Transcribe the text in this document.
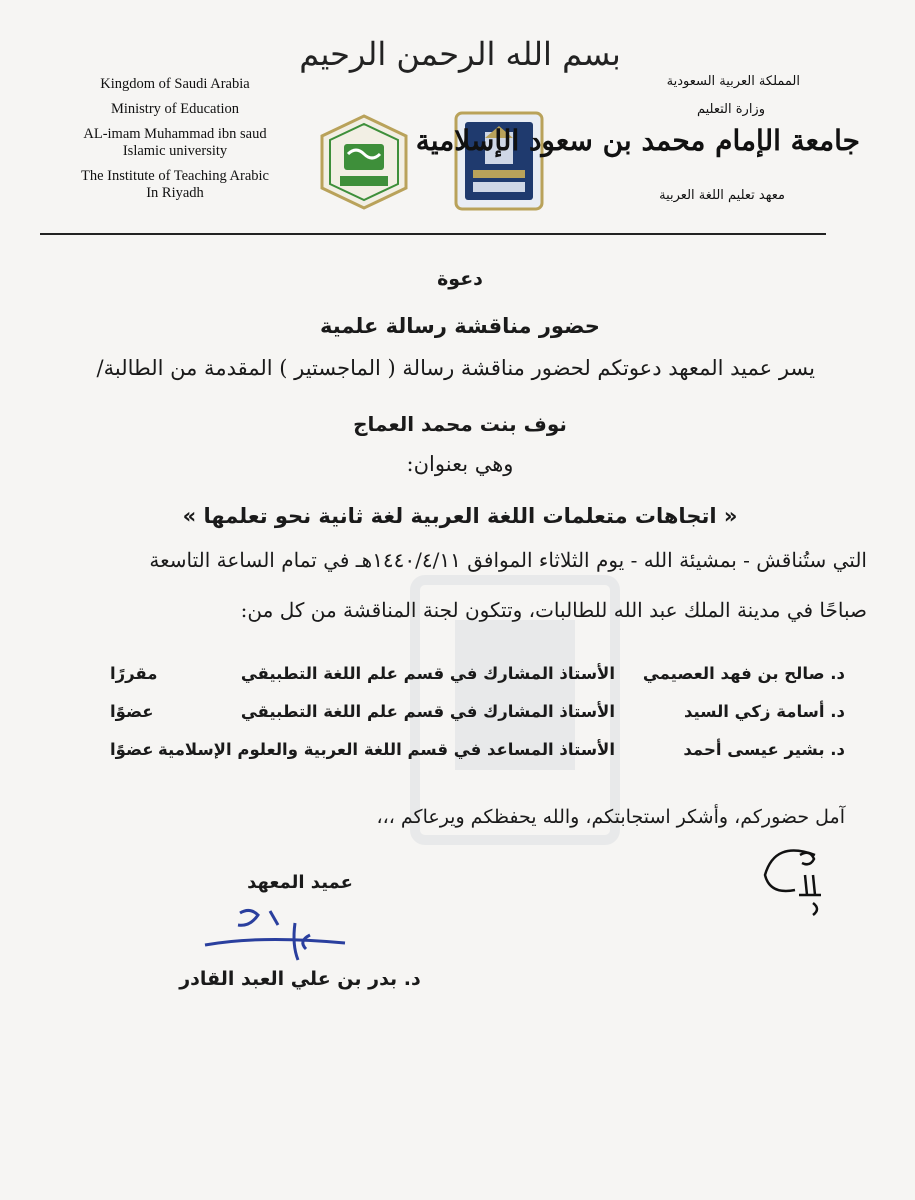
بسم الله الرحمن الرحيم
Kingdom of Saudi Arabia
Ministry of Education
AL-imam Muhammad ibn saud
Islamic university
The Institute of Teaching Arabic
In Riyadh
المملكة العربية السعودية
وزارة التعليم
جامعة الإمام محمد بن سعود الإسلامية
معهد تعليم اللغة العربية
دعوة
حضور مناقشة رسالة علمية
يسر عميد المعهد دعوتكم لحضور مناقشة رسالة ( الماجستير ) المقدمة من الطالبة/
نوف بنت محمد العماج
وهي بعنوان:
« اتجاهات متعلمات اللغة العربية لغة ثانية نحو تعلمها »
التي ستُناقش - بمشيئة الله - يوم الثلاثاء الموافق ١٤٤٠/٤/١١هـ في تمام الساعة التاسعة
صباحًا في مدينة الملك عبد الله للطالبات، وتتكون لجنة المناقشة من كل من:
د. صالح بن فهد العصيمي
الأستاذ المشارك في قسم علم اللغة التطبيقي
مقررًا
د. أسامة زكي السيد
الأستاذ المشارك في قسم علم اللغة التطبيقي
عضوًا
د. بشير عيسى أحمد
الأستاذ المساعد في قسم اللغة العربية والعلوم الإسلامية
عضوًا
آمل حضوركم، وأشكر استجابتكم، والله يحفظكم ويرعاكم ،،،
عميد المعهد
د. بدر بن علي العبد القادر
